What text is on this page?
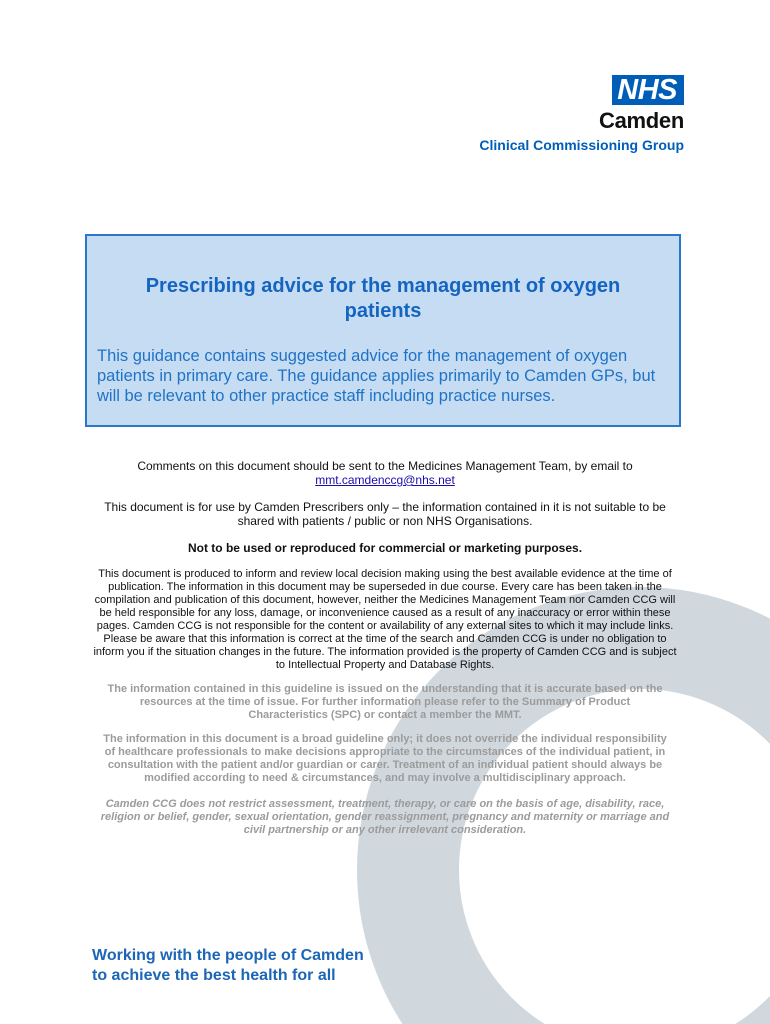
NHS
Camden
Clinical Commissioning Group
Prescribing advice for the management of oxygen patients
This guidance contains suggested advice for the management of oxygen patients in primary care. The guidance applies primarily to Camden GPs, but will be relevant to other practice staff including practice nurses.
Comments on this document should be sent to the Medicines Management Team, by email to
mmt.camdenccg@nhs.net
This document is for use by Camden Prescribers only – the information contained in it is not suitable to be shared with patients / public or non NHS Organisations.
Not to be used or reproduced for commercial or marketing purposes.
This document is produced to inform and review local decision making using the best available evidence at the time of publication. The information in this document may be superseded in due course. Every care has been taken in the compilation and publication of this document, however, neither the Medicines Management Team nor Camden CCG will be held responsible for any loss, damage, or inconvenience caused as a result of any inaccuracy or error within these pages. Camden CCG is not responsible for the content or availability of any external sites to which it may include links. Please be aware that this information is correct at the time of the search and Camden CCG is under no obligation to inform you if the situation changes in the future. The information provided is the property of Camden CCG and is subject to Intellectual Property and Database Rights.
The information contained in this guideline is issued on the understanding that it is accurate based on the resources at the time of issue. For further information please refer to the Summary of Product Characteristics (SPC) or contact a member the MMT.
The information in this document is a broad guideline only; it does not override the individual responsibility of healthcare professionals to make decisions appropriate to the circumstances of the individual patient, in consultation with the patient and/or guardian or carer. Treatment of an individual patient should always be modified according to need & circumstances, and may involve a multidisciplinary approach.
Camden CCG does not restrict assessment, treatment, therapy, or care on the basis of age, disability, race, religion or belief, gender, sexual orientation, gender reassignment, pregnancy and maternity or marriage and civil partnership or any other irrelevant consideration.
Working with the people of Camden
to achieve the best health for all
